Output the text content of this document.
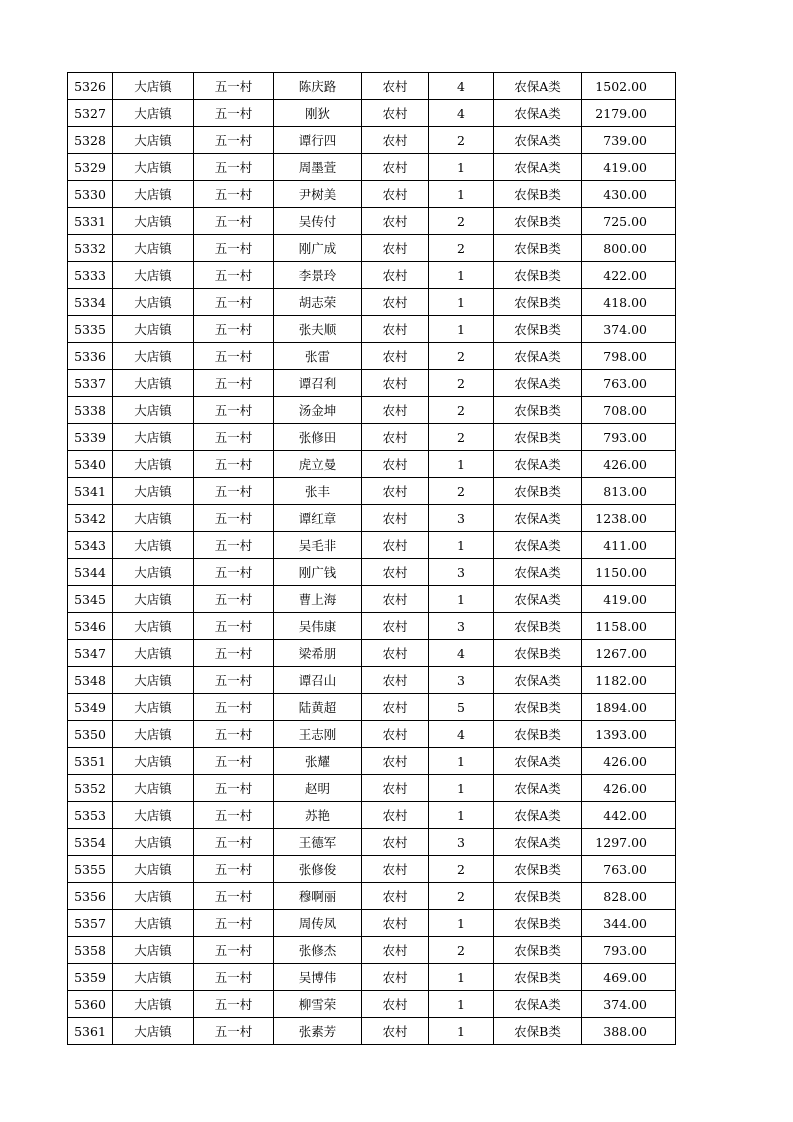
5326	大店镇	五一村	陈庆路	农村	4	农保A类	1502.00
5327	大店镇	五一村	刚狄	农村	4	农保A类	2179.00
5328	大店镇	五一村	谭行四	农村	2	农保A类	739.00
5329	大店镇	五一村	周墨萱	农村	1	农保A类	419.00
5330	大店镇	五一村	尹树美	农村	1	农保B类	430.00
5331	大店镇	五一村	吴传付	农村	2	农保B类	725.00
5332	大店镇	五一村	刚广成	农村	2	农保B类	800.00
5333	大店镇	五一村	李景玲	农村	1	农保B类	422.00
5334	大店镇	五一村	胡志荣	农村	1	农保B类	418.00
5335	大店镇	五一村	张夫顺	农村	1	农保B类	374.00
5336	大店镇	五一村	张雷	农村	2	农保A类	798.00
5337	大店镇	五一村	谭召利	农村	2	农保A类	763.00
5338	大店镇	五一村	汤金坤	农村	2	农保B类	708.00
5339	大店镇	五一村	张修田	农村	2	农保B类	793.00
5340	大店镇	五一村	虎立曼	农村	1	农保A类	426.00
5341	大店镇	五一村	张丰	农村	2	农保B类	813.00
5342	大店镇	五一村	谭红章	农村	3	农保A类	1238.00
5343	大店镇	五一村	吴毛非	农村	1	农保A类	411.00
5344	大店镇	五一村	刚广钱	农村	3	农保A类	1150.00
5345	大店镇	五一村	曹上海	农村	1	农保A类	419.00
5346	大店镇	五一村	吴伟康	农村	3	农保B类	1158.00
5347	大店镇	五一村	梁希朋	农村	4	农保B类	1267.00
5348	大店镇	五一村	谭召山	农村	3	农保A类	1182.00
5349	大店镇	五一村	陆黄超	农村	5	农保B类	1894.00
5350	大店镇	五一村	王志刚	农村	4	农保B类	1393.00
5351	大店镇	五一村	张耀	农村	1	农保A类	426.00
5352	大店镇	五一村	赵明	农村	1	农保A类	426.00
5353	大店镇	五一村	苏艳	农村	1	农保A类	442.00
5354	大店镇	五一村	王德军	农村	3	农保A类	1297.00
5355	大店镇	五一村	张修俊	农村	2	农保B类	763.00
5356	大店镇	五一村	穆啊丽	农村	2	农保B类	828.00
5357	大店镇	五一村	周传凤	农村	1	农保B类	344.00
5358	大店镇	五一村	张修杰	农村	2	农保B类	793.00
5359	大店镇	五一村	吴博伟	农村	1	农保B类	469.00
5360	大店镇	五一村	柳雪荣	农村	1	农保A类	374.00
5361	大店镇	五一村	张素芳	农村	1	农保B类	388.00
